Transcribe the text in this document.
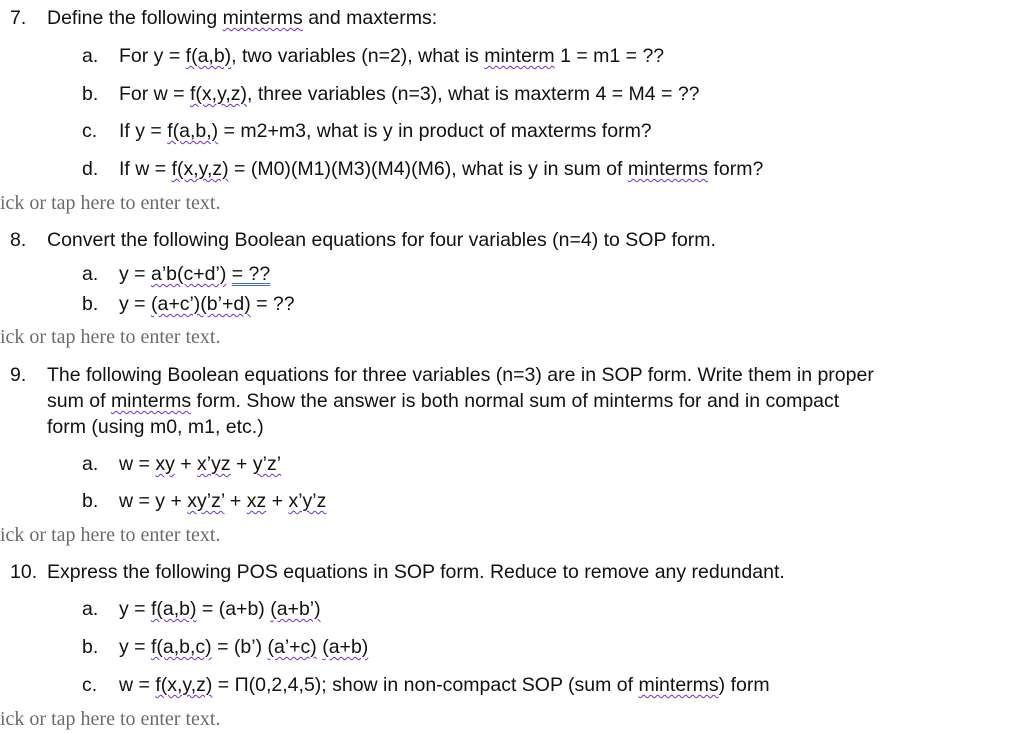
7. Define the following minterms and maxterms:
a. For y = f(a,b), two variables (n=2), what is minterm 1 = m1 = ??
b. For w = f(x,y,z), three variables (n=3), what is maxterm 4 = M4 = ??
c. If y = f(a,b,) = m2+m3, what is y in product of maxterms form?
d. If w = f(x,y,z) = (M0)(M1)(M3)(M4)(M6), what is y in sum of minterms form?
ick or tap here to enter text.
8. Convert the following Boolean equations for four variables (n=4) to SOP form.
a. y = a’b(c+d’) = ??
b. y = (a+c’)(b’+d) = ??
ick or tap here to enter text.
9. The following Boolean equations for three variables (n=3) are in SOP form. Write them in proper
sum of minterms form. Show the answer is both normal sum of minterms for and in compact
form (using m0, m1, etc.)
a. w = xy + x’yz + y’z’
b. w = y + xy’z’ + xz + x’y’z
ick or tap here to enter text.
10. Express the following POS equations in SOP form. Reduce to remove any redundant.
a. y = f(a,b) = (a+b) (a+b’)
b. y = f(a,b,c) = (b’) (a’+c) (a+b)
c. w = f(x,y,z) = Π(0,2,4,5); show in non-compact SOP (sum of minterms) form
ick or tap here to enter text.
